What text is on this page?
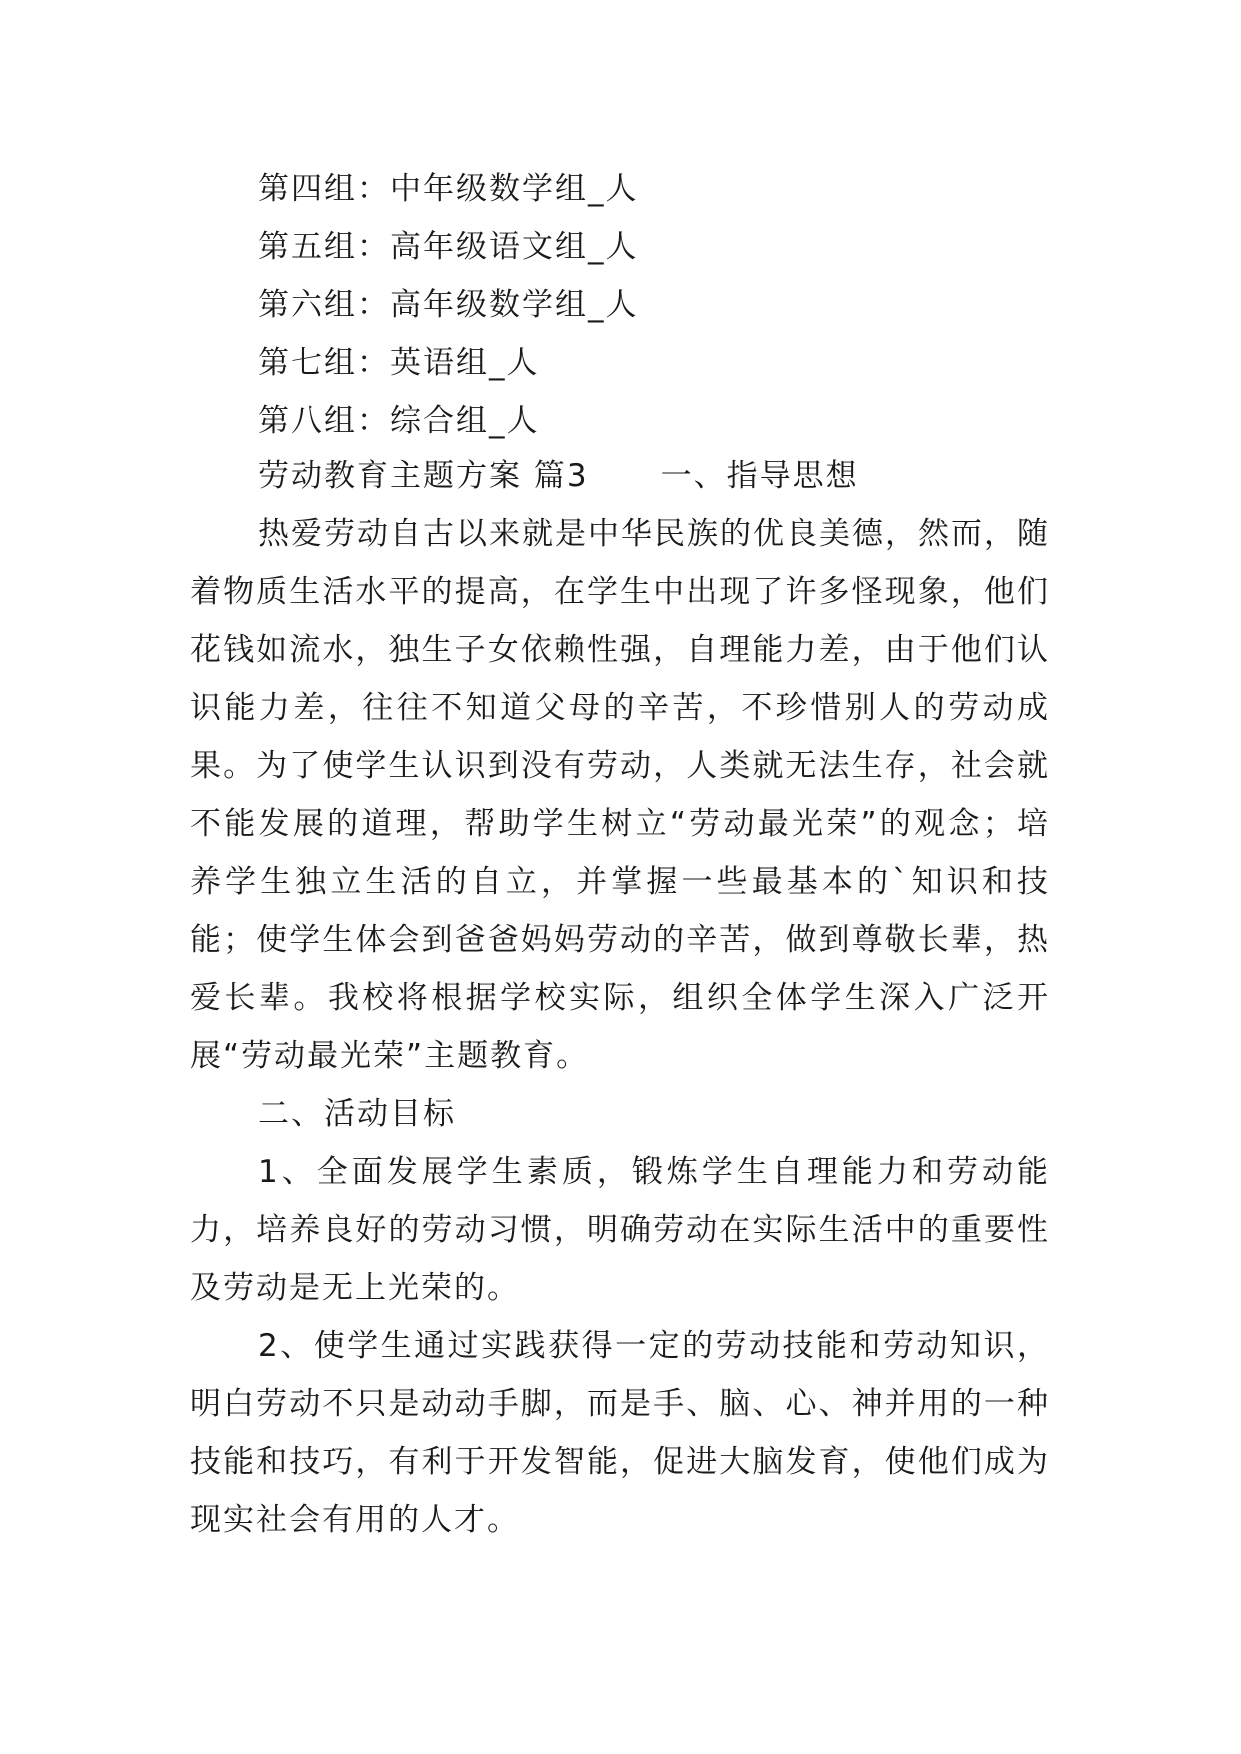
第四组：中年级数学组_人
第五组：高年级语文组_人
第六组：高年级数学组_人
第七组：英语组_人
第八组：综合组_人
劳动教育主题方案 篇3 一、指导思想

热爱劳动自古以来就是中华民族的优良美德，然而，随着物质生活水平的提高，在学生中出现了许多怪现象，他们花钱如流水，独生子女依赖性强，自理能力差，由于他们认识能力差，往往不知道父母的辛苦，不珍惜别人的劳动成果。为了使学生认识到没有劳动，人类就无法生存，社会就不能发展的道理，帮助学生树立“劳动最光荣”的观念；培养学生独立生活的自立，并掌握一些最基本的`知识和技能；使学生体会到爸爸妈妈劳动的辛苦，做到尊敬长辈，热爱长辈。我校将根据学校实际，组织全体学生深入广泛开展“劳动最光荣”主题教育。

二、活动目标

1、全面发展学生素质，锻炼学生自理能力和劳动能力，培养良好的劳动习惯，明确劳动在实际生活中的重要性及劳动是无上光荣的。

2、使学生通过实践获得一定的劳动技能和劳动知识，明白劳动不只是动动手脚，而是手、脑、心、神并用的一种技能和技巧，有利于开发智能，促进大脑发育，使他们成为现实社会有用的人才。
